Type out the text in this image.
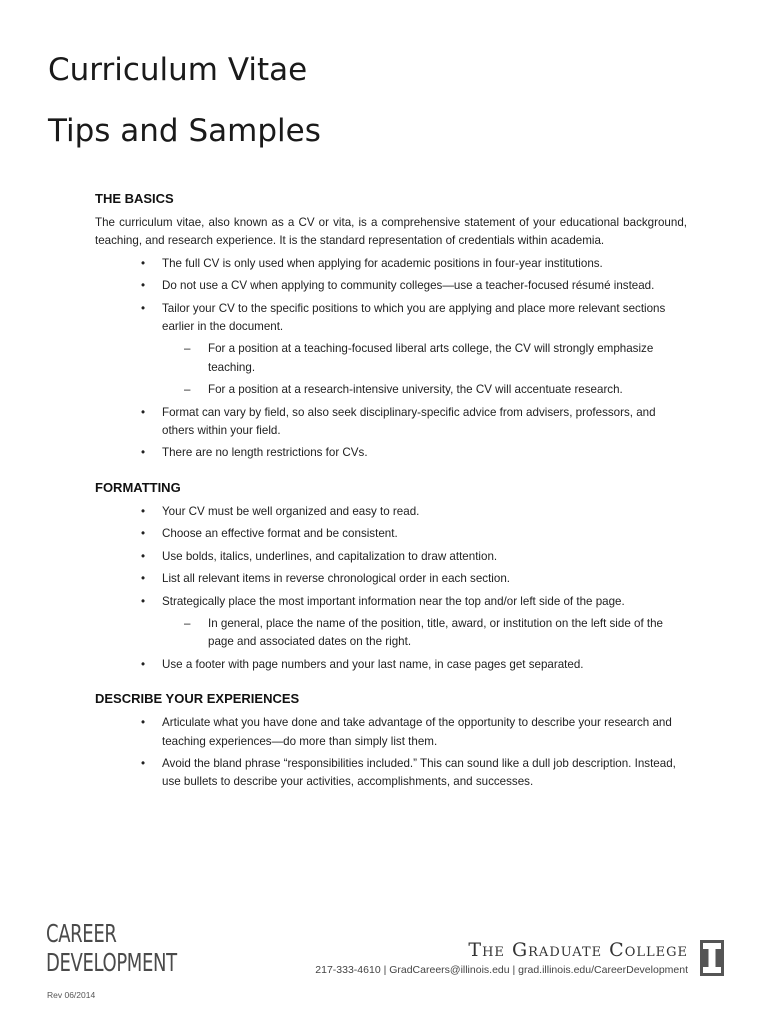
Curriculum Vitae
Tips and Samples
THE BASICS

The curriculum vitae, also known as a CV or vita, is a comprehensive statement of your educational background, teaching, and research experience. It is the standard representation of credentials within academia.

• The full CV is only used when applying for academic positions in four-year institutions.
• Do not use a CV when applying to community colleges—use a teacher-focused résumé instead.
• Tailor your CV to the specific positions to which you are applying and place more relevant sections earlier in the document.
– For a position at a teaching-focused liberal arts college, the CV will strongly emphasize teaching.
– For a position at a research-intensive university, the CV will accentuate research.
• Format can vary by field, so also seek disciplinary-specific advice from advisers, professors, and others within your field.
• There are no length restrictions for CVs.
FORMATTING
• Your CV must be well organized and easy to read.
• Choose an effective format and be consistent.
• Use bolds, italics, underlines, and capitalization to draw attention.
• List all relevant items in reverse chronological order in each section.
• Strategically place the most important information near the top and/or left side of the page.
– In general, place the name of the position, title, award, or institution on the left side of the page and associated dates on the right.
• Use a footer with page numbers and your last name, in case pages get separated.
DESCRIBE YOUR EXPERIENCES
• Articulate what you have done and take advantage of the opportunity to describe your research and teaching experiences—do more than simply list them.
• Avoid the bland phrase “responsibilities included.” This can sound like a dull job description. Instead, use bullets to describe your activities, accomplishments, and successes.
CAREER
DEVELOPMENT
Rev 06/2014
The Graduate College
217-333-4610 | GradCareers@illinois.edu | grad.illinois.edu/CareerDevelopment
